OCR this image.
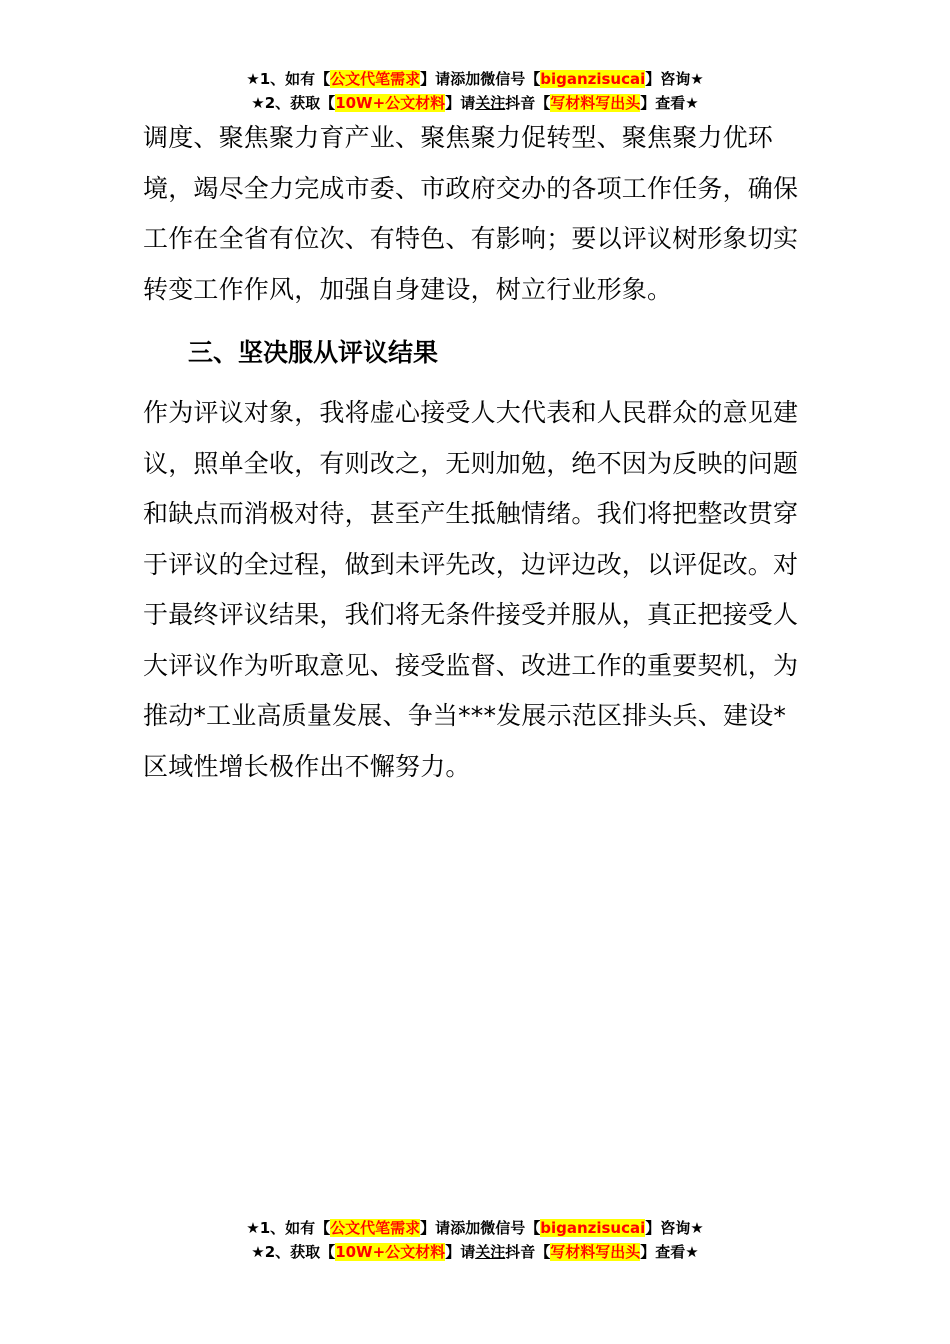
★1、如有【公文代笔需求】请添加微信号【biganzisucai】咨询★
★2、获取【10W+公文材料】请关注抖音【写材料写出头】查看★
调度、聚焦聚力育产业、聚焦聚力促转型、聚焦聚力优环境，竭尽全力完成市委、市政府交办的各项工作任务，确保工作在全省有位次、有特色、有影响；要以评议树形象切实转变工作作风，加强自身建设，树立行业形象。
三、坚决服从评议结果
作为评议对象，我将虚心接受人大代表和人民群众的意见建议，照单全收，有则改之，无则加勉，绝不因为反映的问题和缺点而消极对待，甚至产生抵触情绪。我们将把整改贯穿于评议的全过程，做到未评先改，边评边改，以评促改。对于最终评议结果，我们将无条件接受并服从，真正把接受人大评议作为听取意见、接受监督、改进工作的重要契机，为推动*工业高质量发展、争当***发展示范区排头兵、建设*区域性增长极作出不懈努力。
★1、如有【公文代笔需求】请添加微信号【biganzisucai】咨询★
★2、获取【10W+公文材料】请关注抖音【写材料写出头】查看★
